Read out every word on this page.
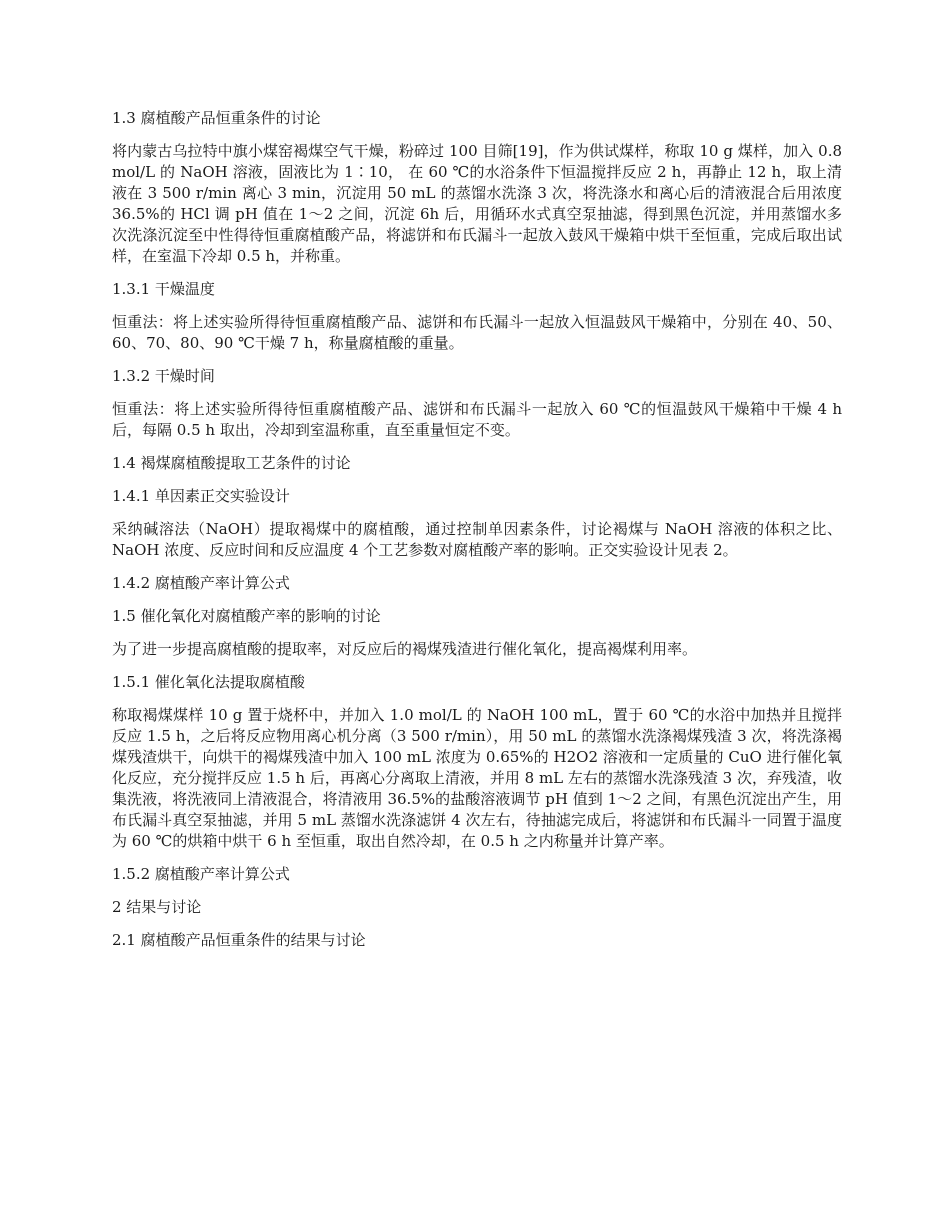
1.3 腐植酸产品恒重条件的讨论
将内蒙古乌拉特中旗小煤窑褐煤空气干燥，粉碎过 100 目筛[19]，作为供试煤样，称取 10 g 煤样，加入 0.8 mol/L 的 NaOH 溶液，固液比为 1∶10， 在 60 ℃的水浴条件下恒温搅拌反应 2 h，再静止 12 h，取上清液在 3 500 r/min 离心 3 min，沉淀用 50 mL 的蒸馏水洗涤 3 次，将洗涤水和离心后的清液混合后用浓度 36.5%的 HCl 调 pH 值在 1～2 之间，沉淀 6h 后，用循环水式真空泵抽滤，得到黑色沉淀，并用蒸馏水多次洗涤沉淀至中性得待恒重腐植酸产品，将滤饼和布氏漏斗一起放入鼓风干燥箱中烘干至恒重，完成后取出试样，在室温下冷却 0.5 h，并称重。
1.3.1 干燥温度
恒重法：将上述实验所得待恒重腐植酸产品、滤饼和布氏漏斗一起放入恒温鼓风干燥箱中，分别在 40、50、60、70、80、90 ℃干燥 7 h，称量腐植酸的重量。
1.3.2 干燥时间
恒重法：将上述实验所得待恒重腐植酸产品、滤饼和布氏漏斗一起放入 60 ℃的恒温鼓风干燥箱中干燥 4 h 后，每隔 0.5 h 取出，冷却到室温称重，直至重量恒定不变。
1.4 褐煤腐植酸提取工艺条件的讨论
1.4.1 单因素正交实验设计
采纳碱溶法（NaOH）提取褐煤中的腐植酸，通过控制单因素条件，讨论褐煤与 NaOH 溶液的体积之比、NaOH 浓度、反应时间和反应温度 4 个工艺参数对腐植酸产率的影响。正交实验设计见表 2。
1.4.2 腐植酸产率计算公式
1.5 催化氧化对腐植酸产率的影响的讨论
为了进一步提高腐植酸的提取率，对反应后的褐煤残渣进行催化氧化，提高褐煤利用率。
1.5.1 催化氧化法提取腐植酸
称取褐煤煤样 10 g 置于烧杯中，并加入 1.0 mol/L 的 NaOH 100 mL，置于 60 ℃的水浴中加热并且搅拌反应 1.5 h，之后将反应物用离心机分离（3 500 r/min），用 50 mL 的蒸馏水洗涤褐煤残渣 3 次，将洗涤褐煤残渣烘干，向烘干的褐煤残渣中加入 100 mL 浓度为 0.65%的 H2O2 溶液和一定质量的 CuO 进行催化氧化反应，充分搅拌反应 1.5 h 后，再离心分离取上清液，并用 8 mL 左右的蒸馏水洗涤残渣 3 次，弃残渣，收集洗液，将洗液同上清液混合，将清液用 36.5%的盐酸溶液调节 pH 值到 1～2 之间，有黑色沉淀出产生，用布氏漏斗真空泵抽滤，并用 5 mL 蒸馏水洗涤滤饼 4 次左右，待抽滤完成后，将滤饼和布氏漏斗一同置于温度为 60 ℃的烘箱中烘干 6 h 至恒重，取出自然冷却，在 0.5 h 之内称量并计算产率。
1.5.2 腐植酸产率计算公式
2 结果与讨论
2.1 腐植酸产品恒重条件的结果与讨论
